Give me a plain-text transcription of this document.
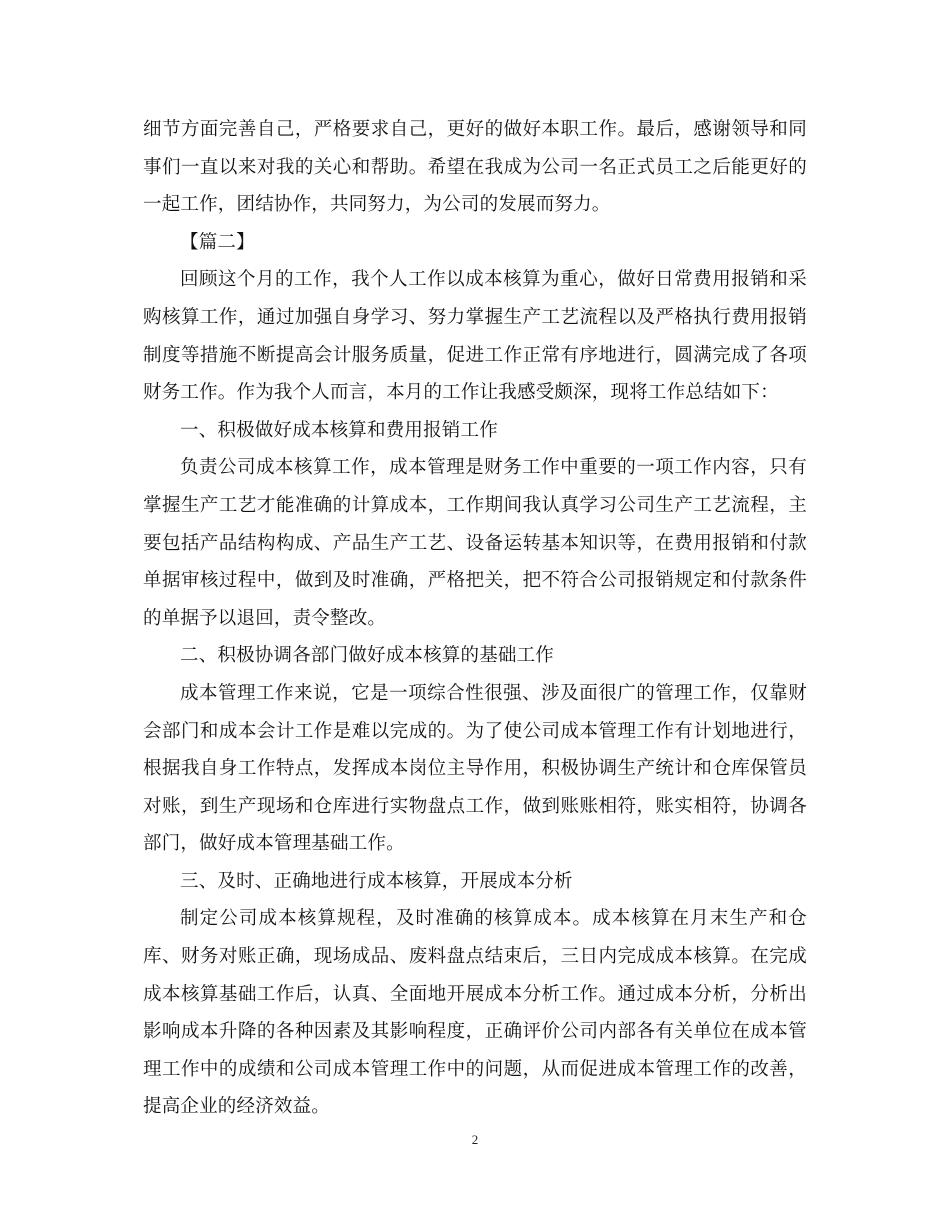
细节方面完善自己，严格要求自己，更好的做好本职工作。最后，感谢领导和同
事们一直以来对我的关心和帮助。希望在我成为公司一名正式员工之后能更好的
一起工作，团结协作，共同努力，为公司的发展而努力。
【篇二】
回顾这个月的工作，我个人工作以成本核算为重心，做好日常费用报销和采
购核算工作，通过加强自身学习、努力掌握生产工艺流程以及严格执行费用报销
制度等措施不断提高会计服务质量，促进工作正常有序地进行，圆满完成了各项
财务工作。作为我个人而言，本月的工作让我感受颇深，现将工作总结如下：
一、积极做好成本核算和费用报销工作
负责公司成本核算工作，成本管理是财务工作中重要的一项工作内容，只有
掌握生产工艺才能准确的计算成本，工作期间我认真学习公司生产工艺流程，主
要包括产品结构构成、产品生产工艺、设备运转基本知识等，在费用报销和付款
单据审核过程中，做到及时准确，严格把关，把不符合公司报销规定和付款条件
的单据予以退回，责令整改。
二、积极协调各部门做好成本核算的基础工作
成本管理工作来说，它是一项综合性很强、涉及面很广的管理工作，仅靠财
会部门和成本会计工作是难以完成的。为了使公司成本管理工作有计划地进行，
根据我自身工作特点，发挥成本岗位主导作用，积极协调生产统计和仓库保管员
对账，到生产现场和仓库进行实物盘点工作，做到账账相符，账实相符，协调各
部门，做好成本管理基础工作。
三、及时、正确地进行成本核算，开展成本分析
制定公司成本核算规程，及时准确的核算成本。成本核算在月末生产和仓
库、财务对账正确，现场成品、废料盘点结束后，三日内完成成本核算。在完成
成本核算基础工作后，认真、全面地开展成本分析工作。通过成本分析，分析出
影响成本升降的各种因素及其影响程度，正确评价公司内部各有关单位在成本管
理工作中的成绩和公司成本管理工作中的问题，从而促进成本管理工作的改善，
提高企业的经济效益。
2
